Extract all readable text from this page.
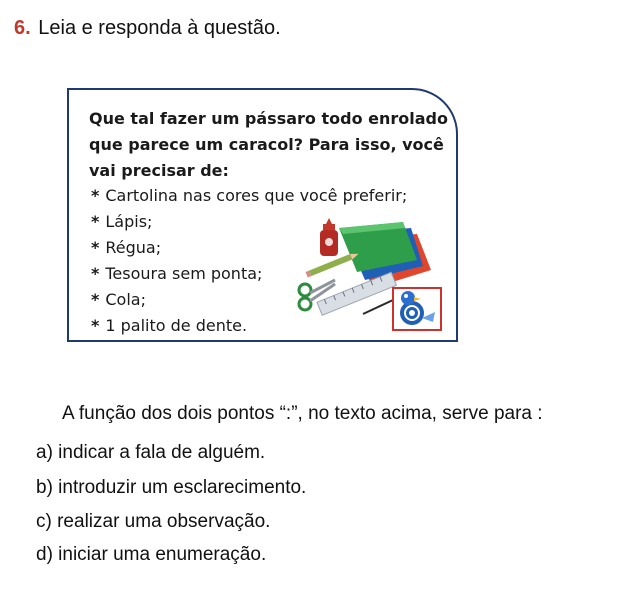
6. Leia e responda à questão.
Que tal fazer um pássaro todo enrolado
que parece um caracol? Para isso, você
vai precisar de:
* Cartolina nas cores que você preferir;
* Lápis;
* Régua;
* Tesoura sem ponta;
* Cola;
* 1 palito de dente.
A função dos dois pontos “:”, no texto acima, serve para :
a) indicar a fala de alguém.
b) introduzir um esclarecimento.
c) realizar uma observação.
d) iniciar uma enumeração.
